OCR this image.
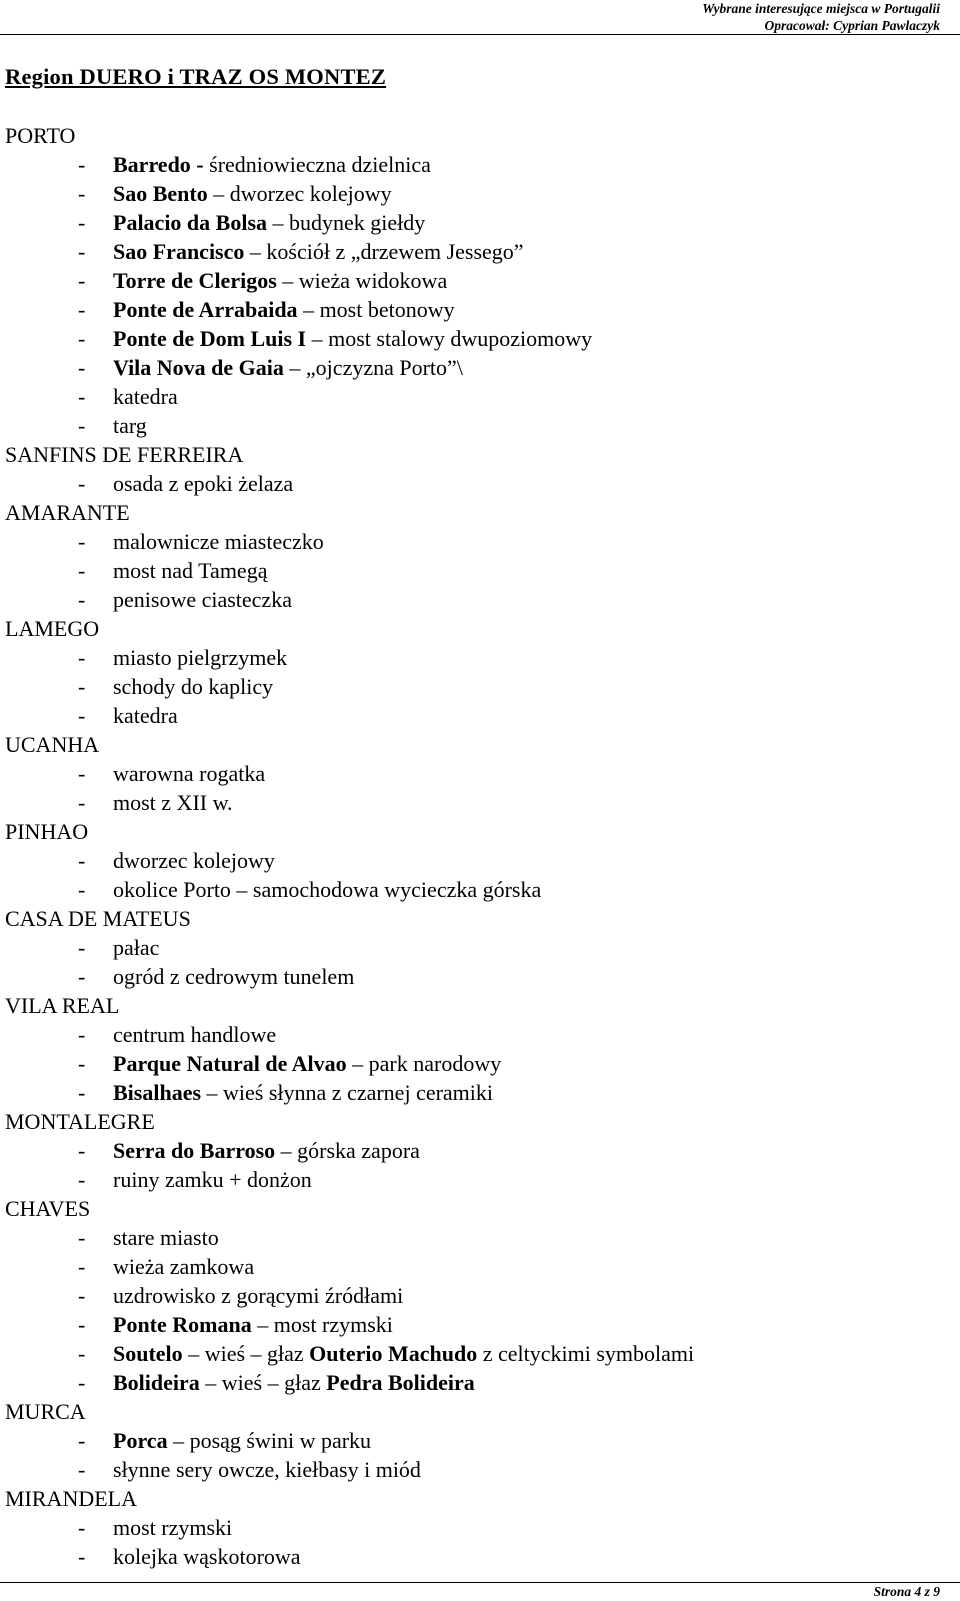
Wybrane interesujące miejsca w Portugalii
Opracował: Cyprian Pawlaczyk
Region DUERO i TRAZ OS MONTEZ
PORTO
- Barredo - średniowieczna dzielnica
- Sao Bento – dworzec kolejowy
- Palacio da Bolsa – budynek giełdy
- Sao Francisco – kościół z „drzewem Jessego”
- Torre de Clerigos – wieża widokowa
- Ponte de Arrabaida – most betonowy
- Ponte de Dom Luis I – most stalowy dwupoziomowy
- Vila Nova de Gaia – „ojczyzna Porto”\
- katedra
- targ
SANFINS DE FERREIRA
- osada z epoki żelaza
AMARANTE
- malownicze miasteczko
- most nad Tamegą
- penisowe ciasteczka
LAMEGO
- miasto pielgrzymek
- schody do kaplicy
- katedra
UCANHA
- warowna rogatka
- most z XII w.
PINHAO
- dworzec kolejowy
- okolice Porto – samochodowa wycieczka górska
CASA DE MATEUS
- pałac
- ogród z cedrowym tunelem
VILA REAL
- centrum handlowe
- Parque Natural de Alvao – park narodowy
- Bisalhaes – wieś słynna z czarnej ceramiki
MONTALEGRE
- Serra do Barroso – górska zapora
- ruiny zamku + donżon
CHAVES
- stare miasto
- wieża zamkowa
- uzdrowisko z gorącymi źródłami
- Ponte Romana – most rzymski
- Soutelo – wieś – głaz Outerio Machudo z celtyckimi symbolami
- Bolideira – wieś – głaz Pedra Bolideira
MURCA
- Porca – posąg świni w parku
- słynne sery owcze, kiełbasy i miód
MIRANDELA
- most rzymski
- kolejka wąskotorowa
Strona 4 z 9
